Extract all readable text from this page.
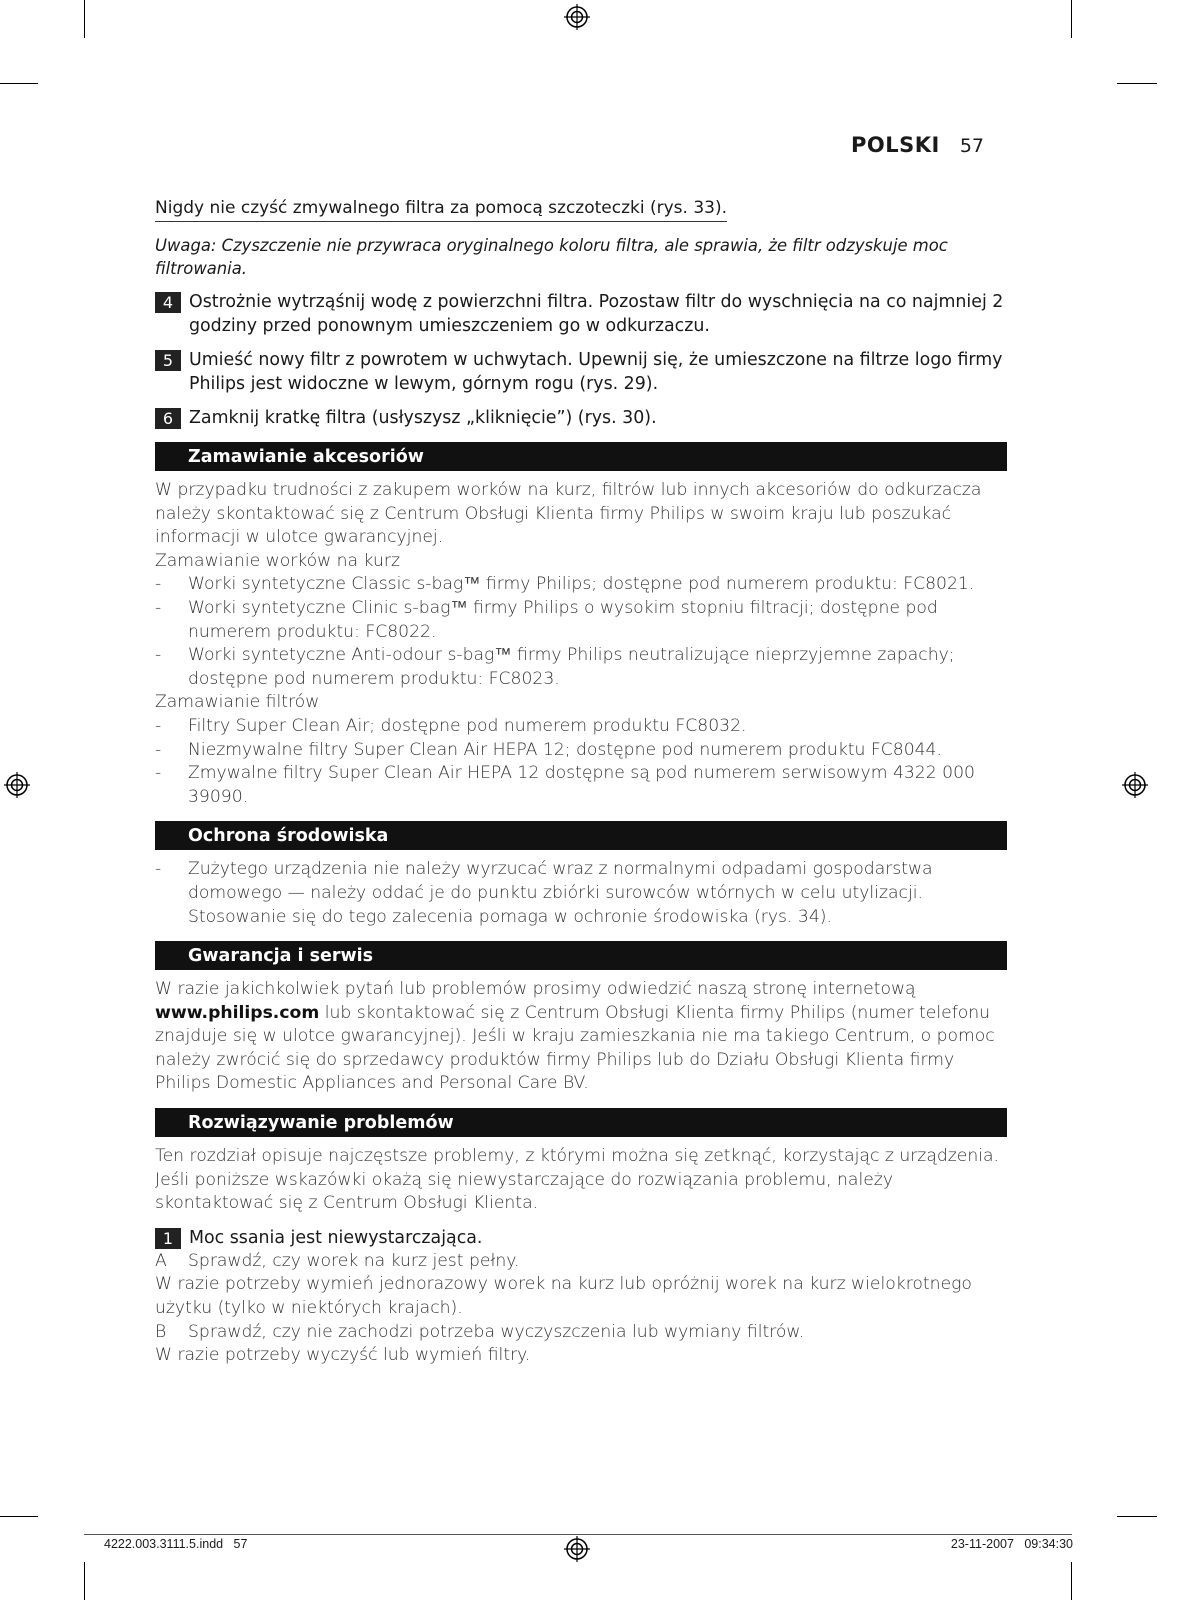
POLSKI 57
Nigdy nie czyść zmywalnego filtra za pomocą szczoteczki (rys. 33).
Uwaga: Czyszczenie nie przywraca oryginalnego koloru filtra, ale sprawia, że filtr odzyskuje moc filtrowania.
4 Ostrożnie wytrząśnij wodę z powierzchni filtra. Pozostaw filtr do wyschnięcia na co najmniej 2 godziny przed ponownym umieszczeniem go w odkurzaczu.
5 Umieść nowy filtr z powrotem w uchwytach. Upewnij się, że umieszczone na filtrze logo firmy Philips jest widoczne w lewym, górnym rogu (rys. 29).
6 Zamknij kratkę filtra (usłyszysz „kliknięcie”) (rys. 30).
Zamawianie akcesoriów
W przypadku trudności z zakupem worków na kurz, filtrów lub innych akcesoriów do odkurzacza należy skontaktować się z Centrum Obsługi Klienta firmy Philips w swoim kraju lub poszukać informacji w ulotce gwarancyjnej.
Zamawianie worków na kurz
-	Worki syntetyczne Classic s-bag™ firmy Philips; dostępne pod numerem produktu: FC8021.
-	Worki syntetyczne Clinic s-bag™ firmy Philips o wysokim stopniu filtracji; dostępne pod numerem produktu: FC8022.
-	Worki syntetyczne Anti-odour s-bag™ firmy Philips neutralizujące nieprzyjemne zapachy; dostępne pod numerem produktu: FC8023.
Zamawianie filtrów
-	Filtry Super Clean Air; dostępne pod numerem produktu FC8032.
-	Niezmywalne filtry Super Clean Air HEPA 12; dostępne pod numerem produktu FC8044.
-	Zmywalne filtry Super Clean Air HEPA 12 dostępne są pod numerem serwisowym 4322 000 39090.
Ochrona środowiska
-	Zużytego urządzenia nie należy wyrzucać wraz z normalnymi odpadami gospodarstwa domowego — należy oddać je do punktu zbiórki surowców wtórnych w celu utylizacji. Stosowanie się do tego zalecenia pomaga w ochronie środowiska (rys. 34).
Gwarancja i serwis
W razie jakichkolwiek pytań lub problemów prosimy odwiedzić naszą stronę internetową www.philips.com lub skontaktować się z Centrum Obsługi Klienta firmy Philips (numer telefonu znajduje się w ulotce gwarancyjnej). Jeśli w kraju zamieszkania nie ma takiego Centrum, o pomoc należy zwrócić się do sprzedawcy produktów firmy Philips lub do Działu Obsługi Klienta firmy Philips Domestic Appliances and Personal Care BV.
Rozwiązywanie problemów
Ten rozdział opisuje najczęstsze problemy, z którymi można się zetknąć, korzystając z urządzenia. Jeśli poniższe wskazówki okażą się niewystarczające do rozwiązania problemu, należy skontaktować się z Centrum Obsługi Klienta.
1 Moc ssania jest niewystarczająca.
A	Sprawdź, czy worek na kurz jest pełny.
W razie potrzeby wymień jednorazowy worek na kurz lub opróżnij worek na kurz wielokrotnego użytku (tylko w niektórych krajach).
B	Sprawdź, czy nie zachodzi potrzeba wyczyszczenia lub wymiany filtrów.
W razie potrzeby wyczyść lub wymień filtry.
4222.003.3111.5.indd   57	23-11-2007   09:34:30
